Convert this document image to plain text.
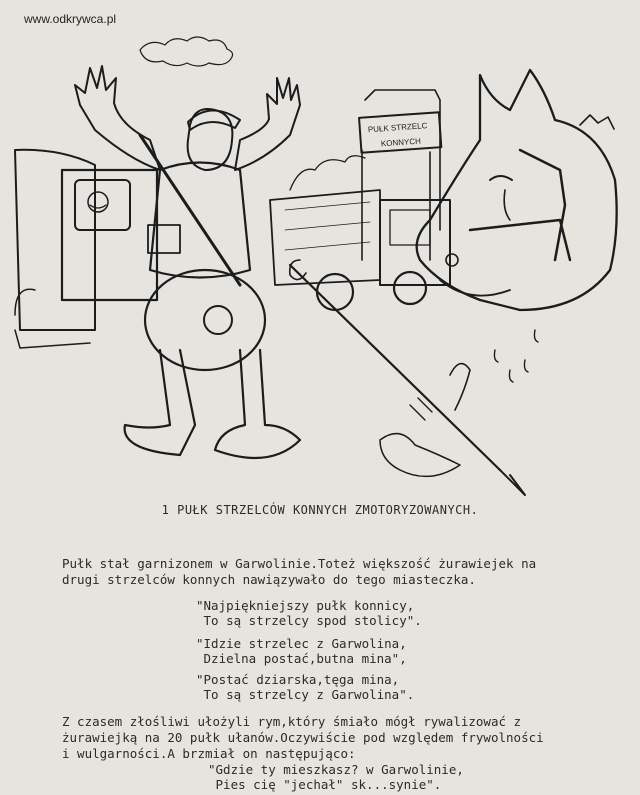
www.odkrywca.pl
PUŁK STRZELC
KONNYCH
1 PUŁK STRZELCÓW KONNYCH ZMOTORYZOWANYCH.
Pułk stał garnizonem w Garwolinie.Toteż większość żurawiejek na
drugi strzelców konnych nawiązywało do tego miasteczka.
"Najpiękniejszy pułk konnicy,
To są strzelcy spod stolicy".
"Idzie strzelec z Garwolina,
Dzielna postać,butna mina",
"Postać dziarska,tęga mina,
To są strzelcy z Garwolina".
Z czasem złośliwi ułożyli rym,który śmiało mógł rywalizować z
żurawiejką na 20 pułk ułanów.Oczywiście pod względem frywolności
i wulgarności.A brzmiał on następująco:
"Gdzie ty mieszkasz? w Garwolinie,
Pies cię "jechał" sk...synie".
